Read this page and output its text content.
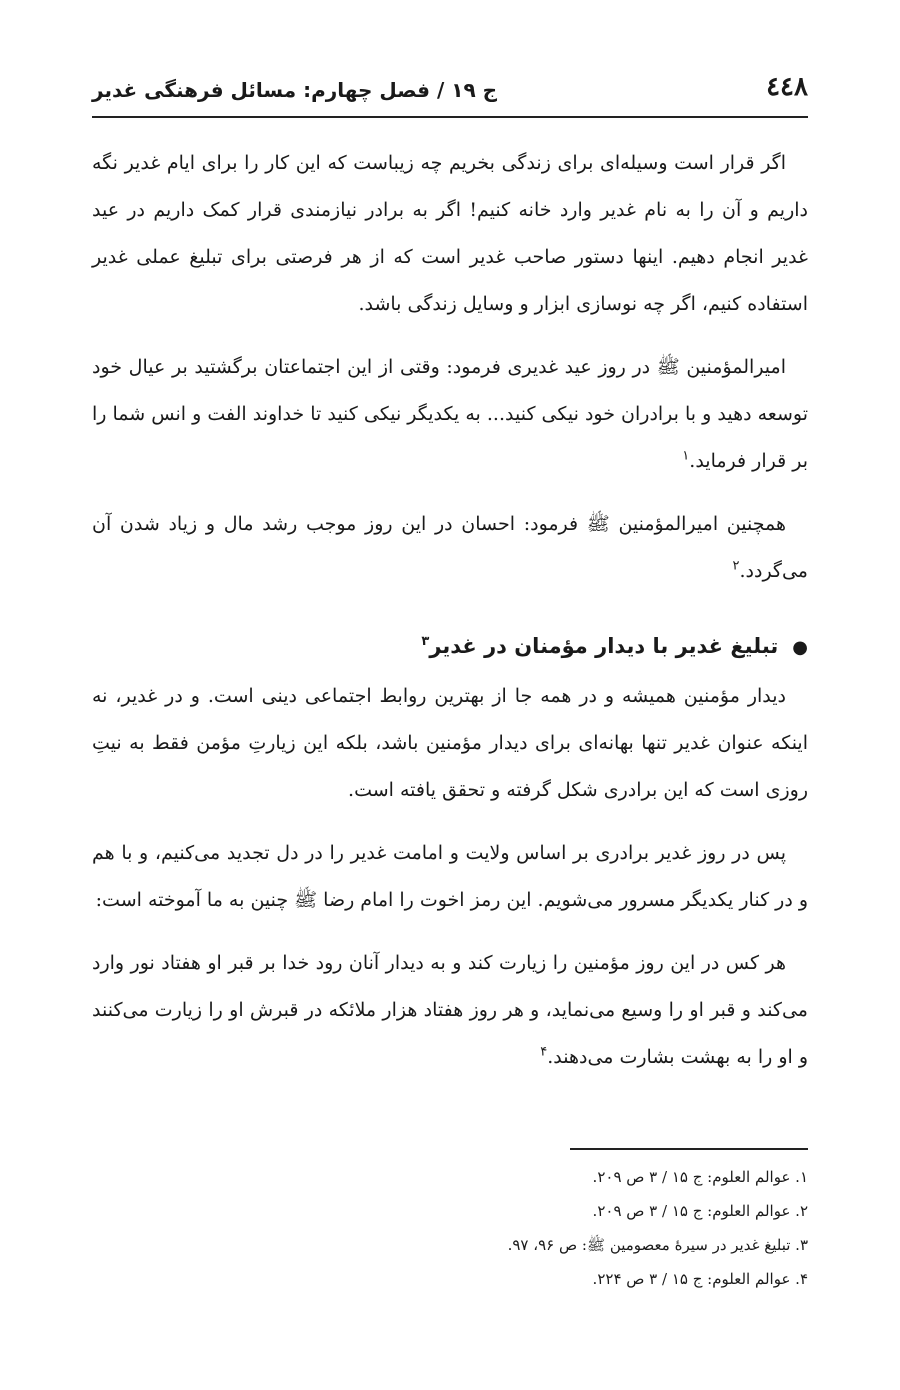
٤٤٨
ج ۱۹ / فصل چهارم: مسائل فرهنگی غدیر

اگر قرار است وسیله‌ای برای زندگی بخریم چه زیباست که این کار را برای ایام غدیر نگه داریم و آن را به نام غدیر وارد خانه کنیم! اگر به برادر نیازمندی قرار کمک داریم در عید غدیر انجام دهیم. اینها دستور صاحب غدیر است که از هر فرصتی برای تبلیغ عملی غدیر استفاده کنیم، اگر چه نوسازی ابزار و وسایل زندگی باشد.

امیرالمؤمنین ﷺ در روز عید غدیری فرمود: وقتی از این اجتماعتان برگشتید بر عیال خود توسعه دهید و با برادران خود نیکی کنید... به یکدیگر نیکی کنید تا خداوند الفت و انس شما را بر قرار فرماید.$^۱$

همچنین امیرالمؤمنین ﷺ فرمود: احسان در این روز موجب رشد مال و زیاد شدن آن می‌گردد.$^۲$

●تبلیغ غدیر با دیدار مؤمنان در غدیر$^۳$

دیدار مؤمنین همیشه و در همه جا از بهترین روابط اجتماعی دینی است. و در غدیر، نه اینکه عنوان غدیر تنها بهانه‌ای برای دیدار مؤمنین باشد، بلکه این زیارتِ مؤمن فقط به نیتِ روزی است که این برادری شکل گرفته و تحقق یافته است.

پس در روز غدیر برادری بر اساس ولایت و امامت غدیر را در دل تجدید می‌کنیم، و با هم و در کنار یکدیگر مسرور می‌شویم. این رمز اخوت را امام رضا ﷺ چنین به ما آموخته است:

هر کس در این روز مؤمنین را زیارت کند و به دیدار آنان رود خدا بر قبر او هفتاد نور وارد می‌کند و قبر او را وسیع می‌نماید، و هر روز هفتاد هزار ملائکه در قبرش او را زیارت می‌کنند و او را به بهشت بشارت می‌دهند.$^۴$

۱. عوالم العلوم: ج ۱۵ / ۳ ص ۲۰۹.

۲. عوالم العلوم: ج ۱۵ / ۳ ص ۲۰۹.

۳. تبلیغ غدیر در سیرهٔ معصومین ﷺ: ص ۹۶، ۹۷.

۴. عوالم العلوم: ج ۱۵ / ۳ ص ۲۲۴.
